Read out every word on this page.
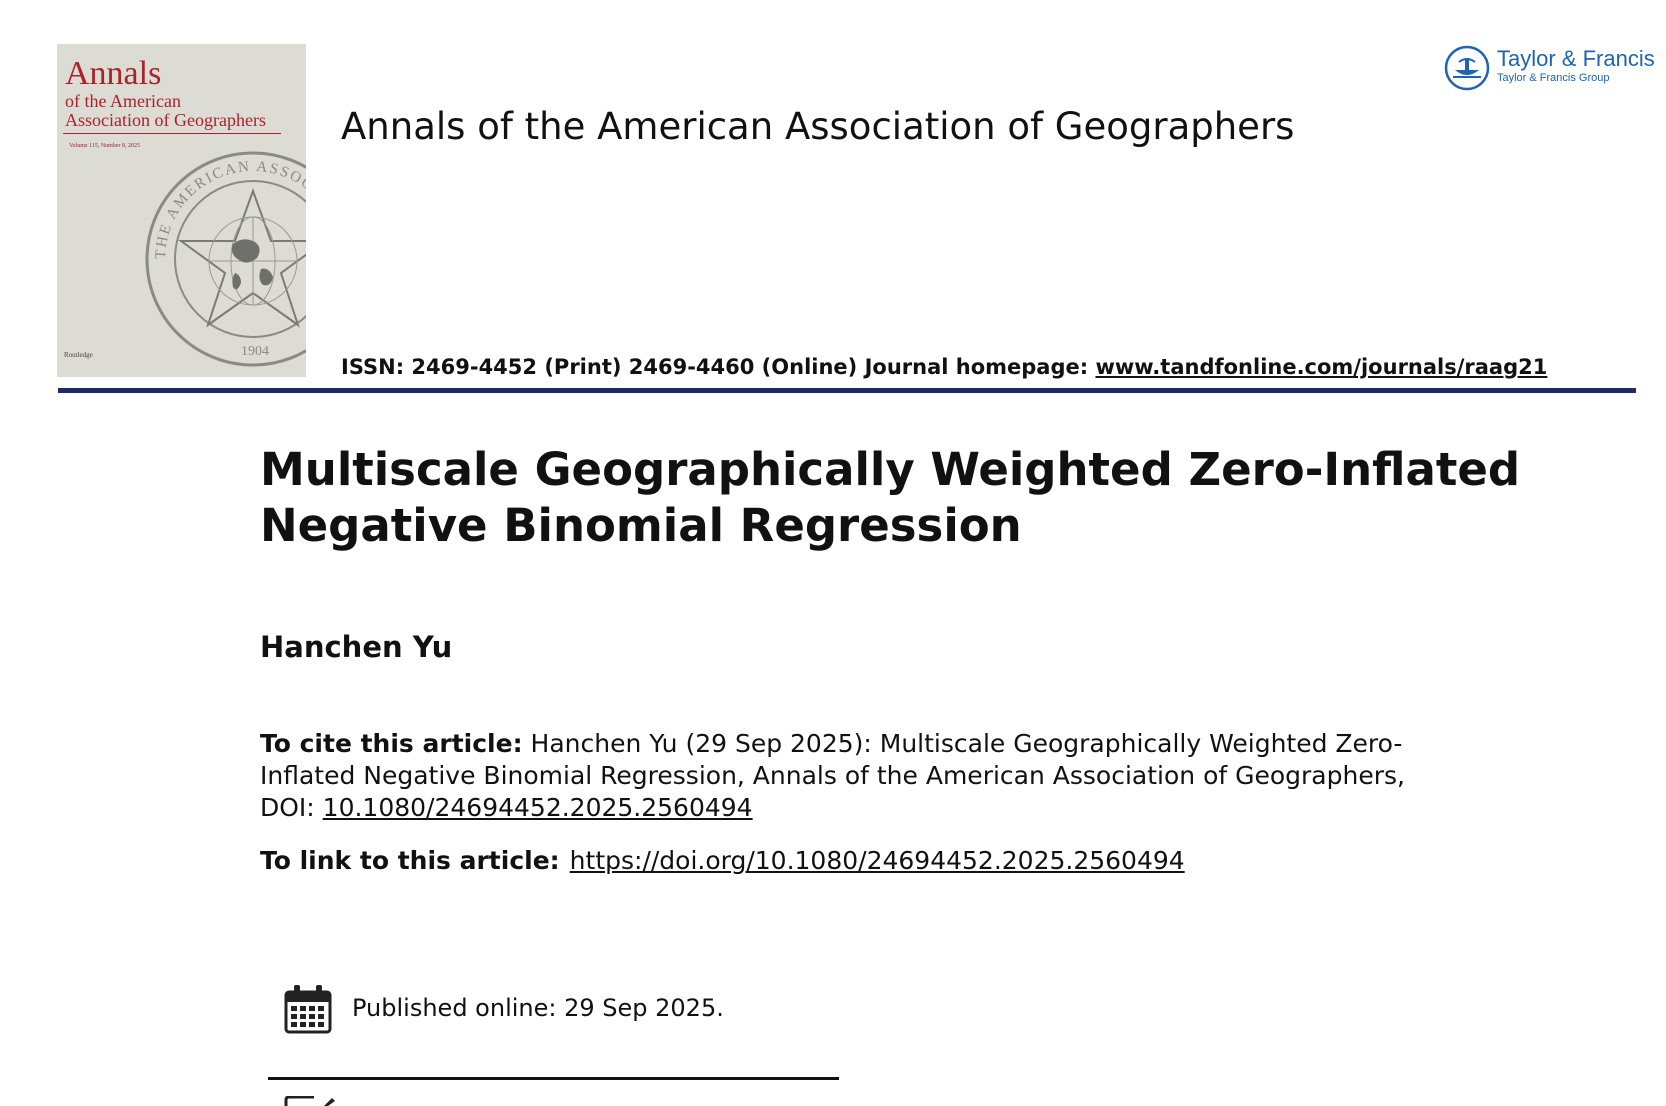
Annals
of the American
Association of Geographers
Volume 115, Number 8, 2025
THE AMERICAN ASSOCIATION
1904
Routledge
Annals of the American Association of Geographers
ISSN: 2469-4452 (Print) 2469-4460 (Online) Journal homepage: www.tandfonline.com/journals/raag21
Taylor & Francis
Taylor & Francis Group
Multiscale Geographically Weighted Zero-Inflated Negative Binomial Regression
Hanchen Yu
To cite this article: Hanchen Yu (29 Sep 2025): Multiscale Geographically Weighted Zero-Inflated Negative Binomial Regression, Annals of the American Association of Geographers, DOI: 10.1080/24694452.2025.2560494
To link to this article: https://doi.org/10.1080/24694452.2025.2560494
Published online: 29 Sep 2025.
